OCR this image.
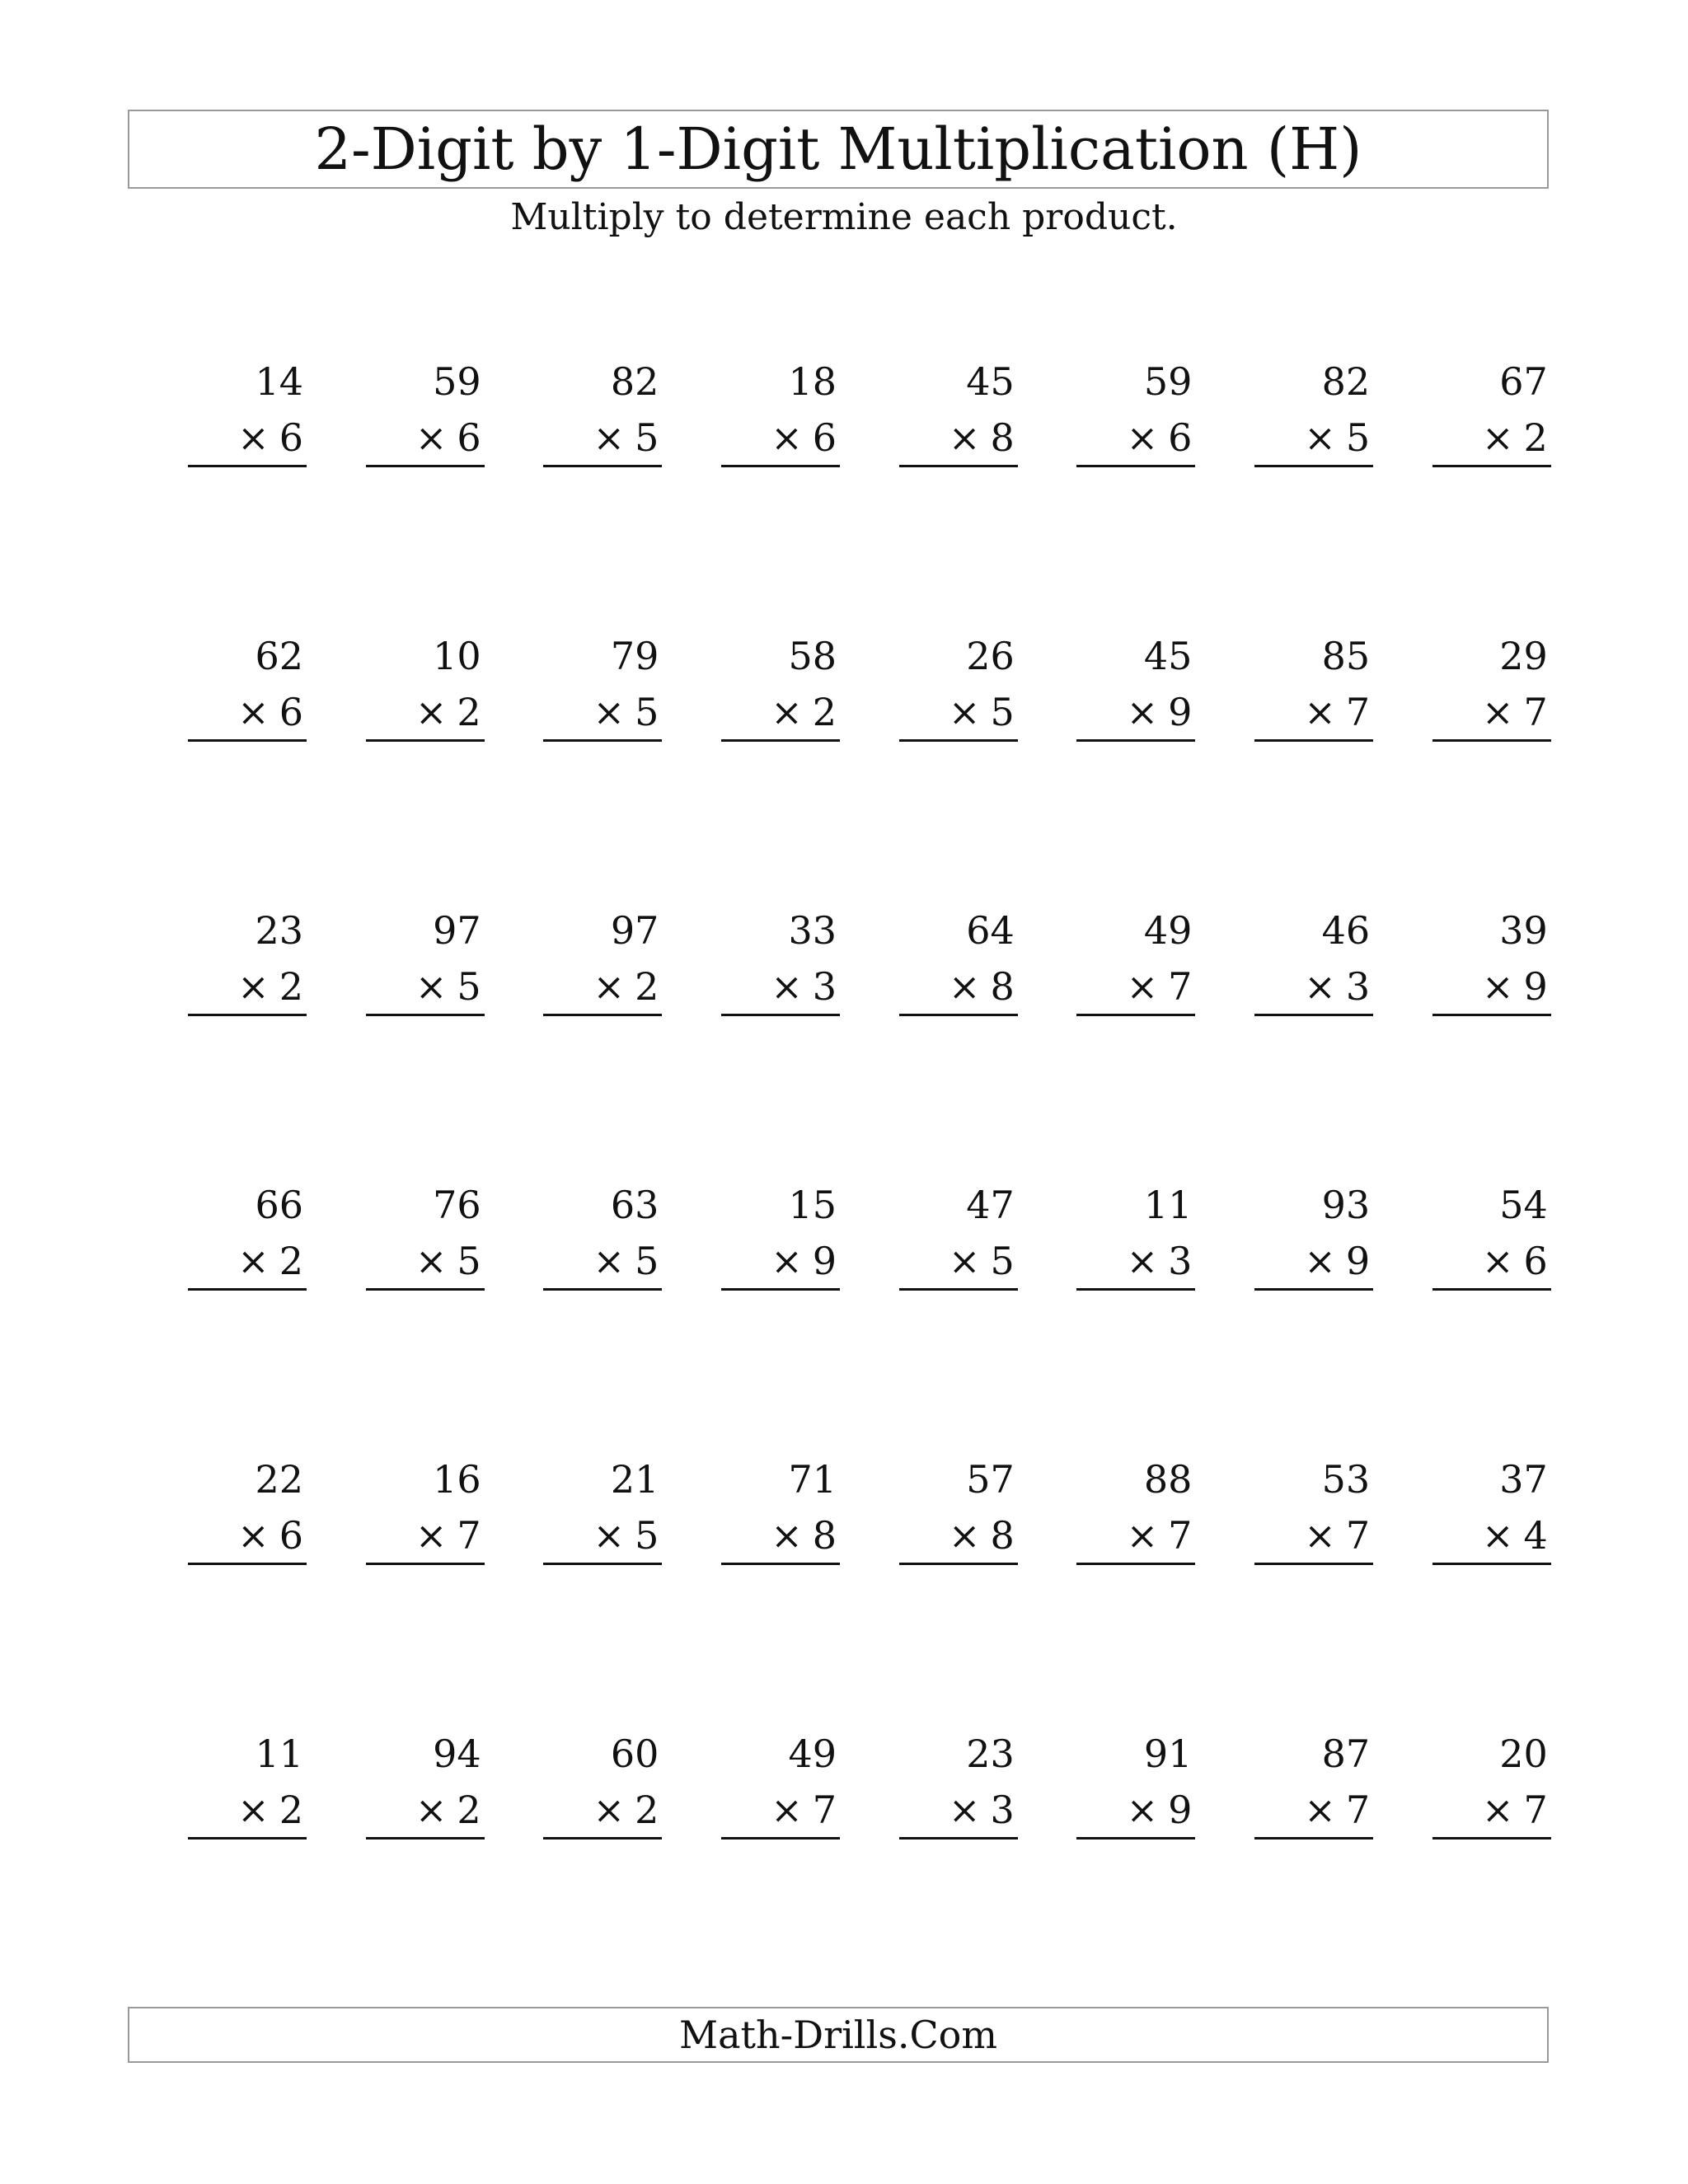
2-Digit by 1-Digit Multiplication (H)
Multiply to determine each product.
14
× 6
59
× 6
82
× 5
18
× 6
45
× 8
59
× 6
82
× 5
67
× 2
62
× 6
10
× 2
79
× 5
58
× 2
26
× 5
45
× 9
85
× 7
29
× 7
23
× 2
97
× 5
97
× 2
33
× 3
64
× 8
49
× 7
46
× 3
39
× 9
66
× 2
76
× 5
63
× 5
15
× 9
47
× 5
11
× 3
93
× 9
54
× 6
22
× 6
16
× 7
21
× 5
71
× 8
57
× 8
88
× 7
53
× 7
37
× 4
11
× 2
94
× 2
60
× 2
49
× 7
23
× 3
91
× 9
87
× 7
20
× 7
Math-Drills.Com
